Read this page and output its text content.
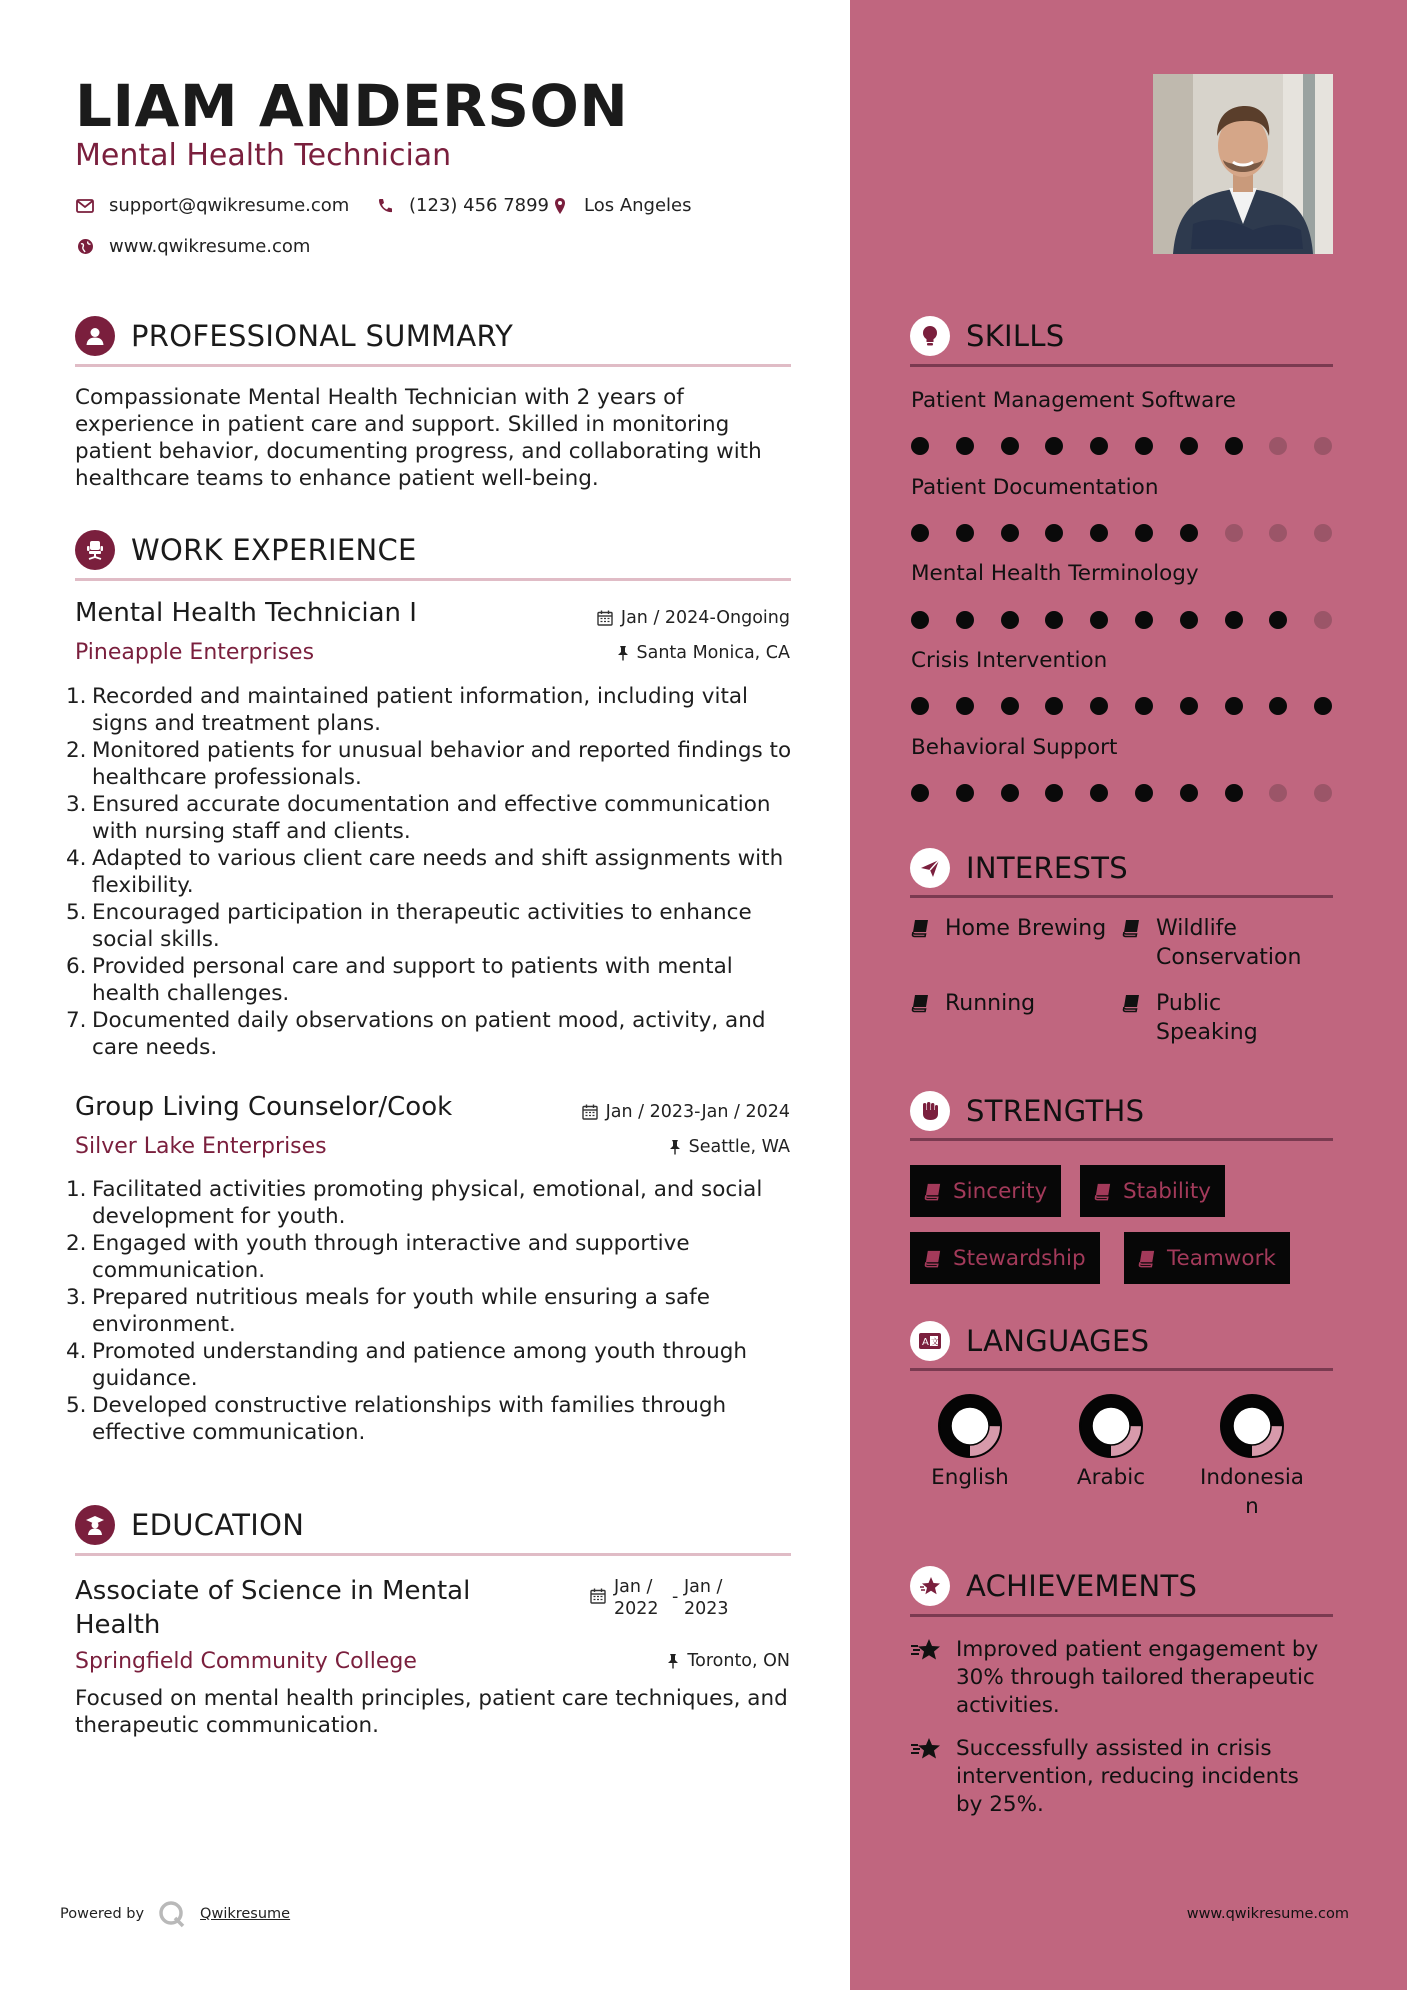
LIAM ANDERSON
Mental Health Technician
support@qwikresume.com	(123) 456 7899 Los Angeles
www.qwikresume.com
PROFESSIONAL SUMMARY
Compassionate Mental Health Technician with 2 years of experience in patient care and support. Skilled in monitoring patient behavior, documenting progress, and collaborating with healthcare teams to enhance patient well-being.
WORK EXPERIENCE
Mental Health Technician I	Jan / 2024-Ongoing
Pineapple Enterprises	Santa Monica, CA
1. Recorded and maintained patient information, including vital signs and treatment plans.
2. Monitored patients for unusual behavior and reported findings to healthcare professionals.
3. Ensured accurate documentation and effective communication with nursing staff and clients.
4. Adapted to various client care needs and shift assignments with flexibility.
5. Encouraged participation in therapeutic activities to enhance social skills.
6. Provided personal care and support to patients with mental health challenges.
7. Documented daily observations on patient mood, activity, and care needs.
Group Living Counselor/Cook	Jan / 2023-Jan / 2024
Silver Lake Enterprises	Seattle, WA
1. Facilitated activities promoting physical, emotional, and social development for youth.
2. Engaged with youth through interactive and supportive communication.
3. Prepared nutritious meals for youth while ensuring a safe environment.
4. Promoted understanding and patience among youth through guidance.
5. Developed constructive relationships with families through effective communication.
EDUCATION
Associate of Science in Mental Health
Jan / 2022
- Jan / 2023
Springfield Community College	Toronto, ON
Focused on mental health principles, patient care techniques, and therapeutic communication.
Powered by	Qwikresume
SKILLS
Patient Management Software
Patient Documentation
Mental Health Terminology
Crisis Intervention
Behavioral Support
INTERESTS
Home Brewing Wildlife Conservation
Running	Public Speaking
STRENGTHS
Sincerity	Stability
Stewardship	Teamwork
A 文 LANGUAGES
English	Arabic	Indonesian
ACHIEVEMENTS
Improved patient engagement by 30% through tailored therapeutic activities.
Successfully assisted in crisis intervention, reducing incidents by 25%.
www.qwikresume.com
